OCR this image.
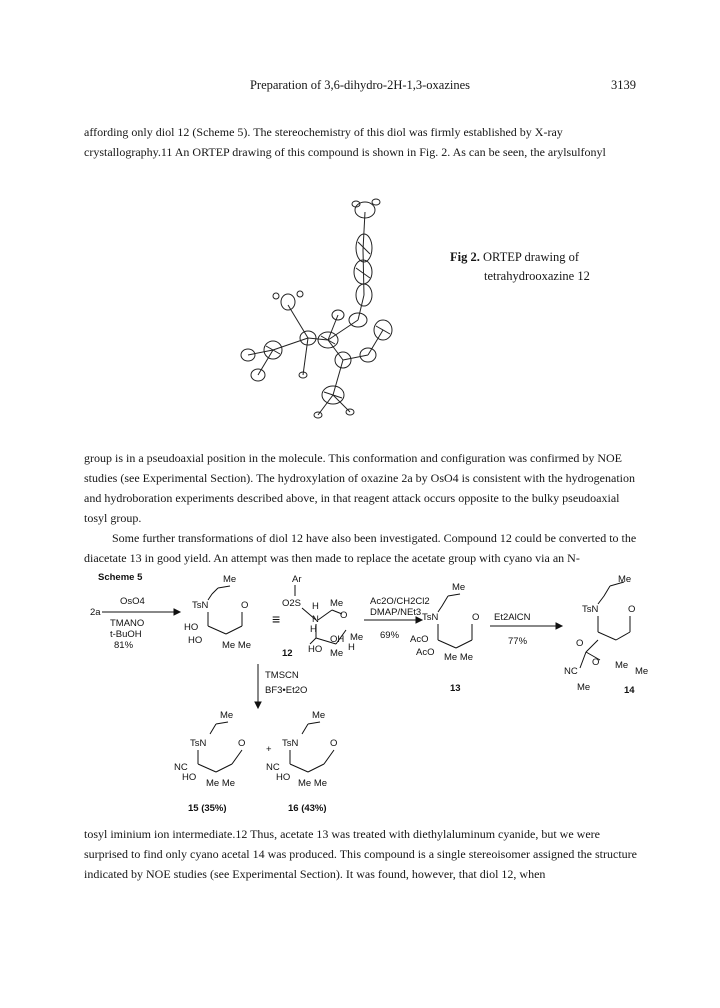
Preparation of 3,6-dihydro-2H-1,3-oxazines	3139

affording only diol 12 (Scheme 5). The stereochemistry of this diol was firmly established by X-ray crystallography.11 An ORTEP drawing of this compound is shown in Fig. 2. As can be seen, the arylsulfonyl

Fig 2. ORTEP drawing of
tetrahydrooxazine 12

group is in a pseudoaxial position in the molecule. This conformation and configuration was confirmed by NOE studies (see Experimental Section). The hydroxylation of oxazine 2a by OsO4 is consistent with the hydrogenation and hydroboration experiments described above, in that reagent attack occurs opposite to the bulky pseudoaxial tosyl group.

Some further transformations of diol 12 have also been investigated. Compound 12 could be converted to the diacetate 13 in good yield. An attempt was then made to replace the acetate group with cyano via an N-

Scheme 5
2a
OsO4
TMANO
t-BuOH
81%
Me
TsN	O
HO
HO Me Me
≡
Ar
O2S H Me
N O
H
Me
OH
H
HO Me
12
Ac2O/CH2Cl2
DMAP/NEt3
69%
Me
TsN	O
AcO
AcO Me Me
13
Et2AlCN
77%
Me
TsN	O
O
O
NC
Me
Me
Me	14
TMSCN
BF3•Et2O
Me
TsN	O
NC
HO
Me Me
15 (35%)
+
Me
TsN	O
NC
HO
Me Me
16 (43%)

tosyl iminium ion intermediate.12 Thus, acetate 13 was treated with diethylaluminum cyanide, but we were surprised to find only cyano acetal 14 was produced. This compound is a single stereoisomer assigned the structure indicated by NOE studies (see Experimental Section). It was found, however, that diol 12, when
